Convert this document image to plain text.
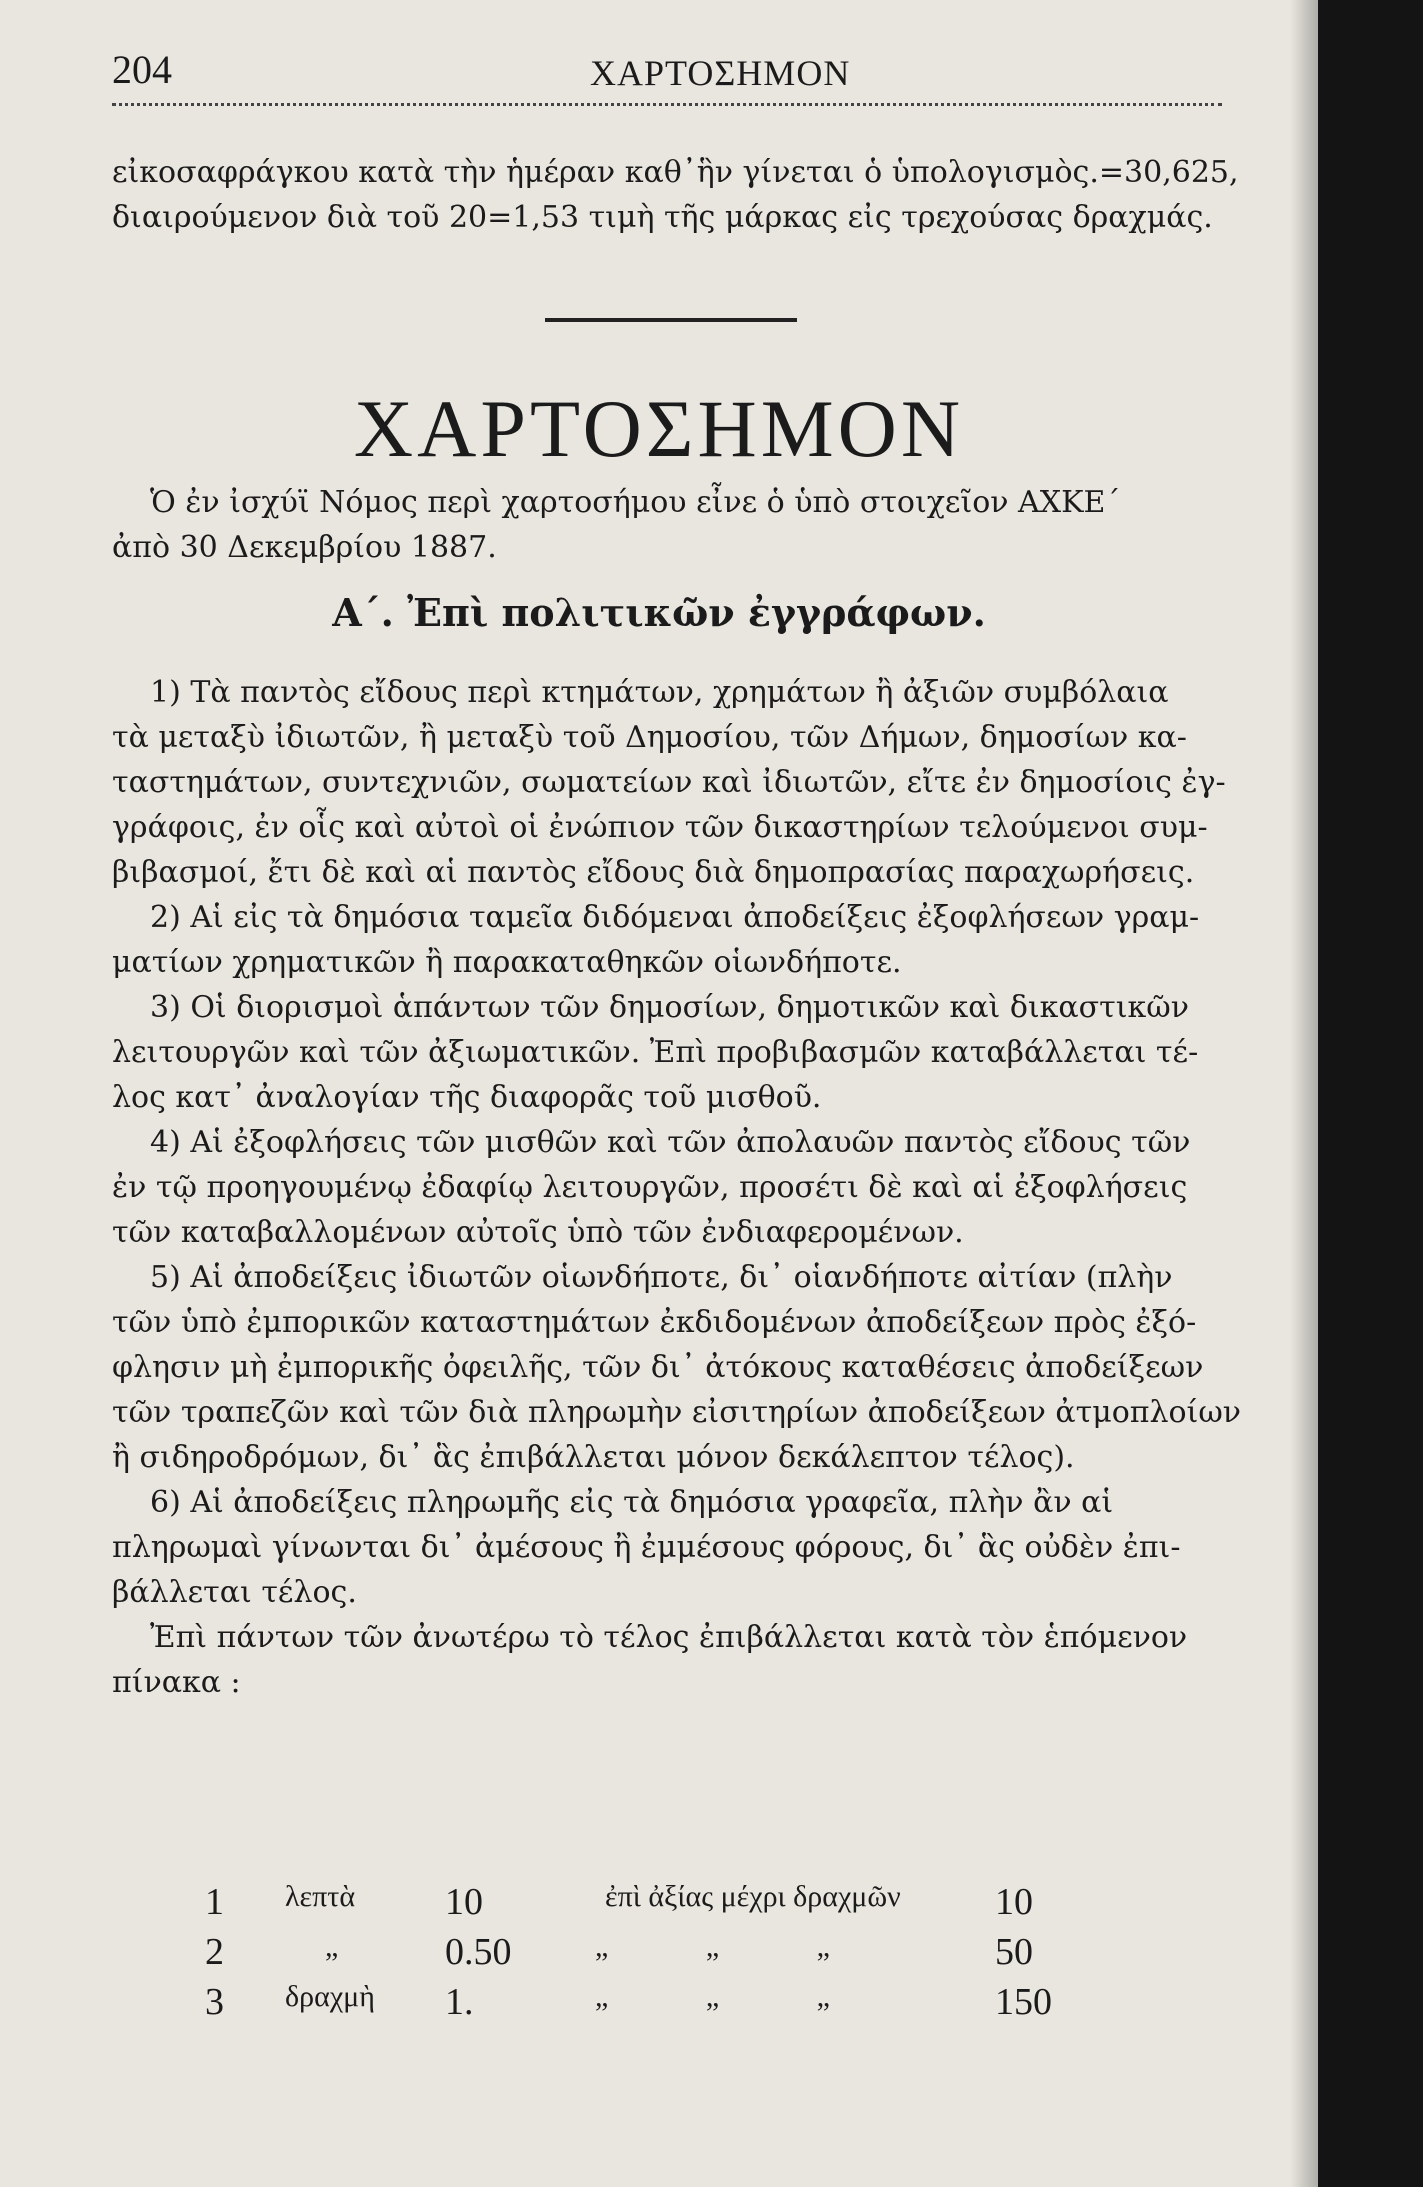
204	ΧΑΡΤΟΣΗΜΟΝ

εἰκοσαφράγκου κατὰ τὴν ἡμέραν καθ᾽ἣν γίνεται ὁ ὑπολογισμὸς.=30,625,
διαιρούμενον διὰ τοῦ 20=1,53 τιμὴ τῆς μάρκας εἰς τρεχούσας δραχμάς.

ΧΑΡΤΟΣΗΜΟΝ

Ὁ ἐν ἰσχύϊ Νόμος περὶ χαρτοσήμου εἶνε ὁ ὑπὸ στοιχεῖον ΑΧΚΕ΄
ἀπὸ 30 Δεκεμβρίου 1887.

Α΄. Ἐπὶ πολιτικῶν ἐγγράφων.

1) Τὰ παντὸς εἴδους περὶ κτημάτων, χρημάτων ἢ ἀξιῶν συμβόλαια
τὰ μεταξὺ ἰδιωτῶν, ἢ μεταξὺ τοῦ Δημοσίου, τῶν Δήμων, δημοσίων κα-
ταστημάτων, συντεχνιῶν, σωματείων καὶ ἰδιωτῶν, εἴτε ἐν δημοσίοις ἐγ-
γράφοις, ἐν οἷς καὶ αὐτοὶ οἱ ἐνώπιον τῶν δικαστηρίων τελούμενοι συμ-
βιβασμοί, ἔτι δὲ καὶ αἱ παντὸς εἴδους διὰ δημοπρασίας παραχωρήσεις.
2) Αἱ εἰς τὰ δημόσια ταμεῖα διδόμεναι ἀποδείξεις ἐξοφλήσεων γραμ-
ματίων χρηματικῶν ἢ παρακαταθηκῶν οἱωνδήποτε.
3) Οἱ διορισμοὶ ἁπάντων τῶν δημοσίων, δημοτικῶν καὶ δικαστικῶν
λειτουργῶν καὶ τῶν ἀξιωματικῶν. Ἐπὶ προβιβασμῶν καταβάλλεται τέ-
λος κατ᾽ ἀναλογίαν τῆς διαφορᾶς τοῦ μισθοῦ.
4) Αἱ ἐξοφλήσεις τῶν μισθῶν καὶ τῶν ἀπολαυῶν παντὸς εἴδους τῶν
ἐν τῷ προηγουμένῳ ἐδαφίῳ λειτουργῶν, προσέτι δὲ καὶ αἱ ἐξοφλήσεις
τῶν καταβαλλομένων αὐτοῖς ὑπὸ τῶν ἐνδιαφερομένων.
5) Αἱ ἀποδείξεις ἰδιωτῶν οἱωνδήποτε, δι᾽ οἱανδήποτε αἰτίαν (πλὴν
τῶν ὑπὸ ἐμπορικῶν καταστημάτων ἐκδιδομένων ἀποδείξεων πρὸς ἐξό-
φλησιν μὴ ἐμπορικῆς ὀφειλῆς, τῶν δι᾽ ἀτόκους καταθέσεις ἀποδείξεων
τῶν τραπεζῶν καὶ τῶν διὰ πληρωμὴν εἰσιτηρίων ἀποδείξεων ἀτμοπλοίων
ἢ σιδηροδρόμων, δι᾽ ἃς ἐπιβάλλεται μόνον δεκάλεπτον τέλος).
6) Αἱ ἀποδείξεις πληρωμῆς εἰς τὰ δημόσια γραφεῖα, πλὴν ἂν αἱ
πληρωμαὶ γίνωνται δι᾽ ἀμέσους ἢ ἐμμέσους φόρους, δι᾽ ἃς οὐδὲν ἐπι-
βάλλεται τέλος.
Ἐπὶ πάντων τῶν ἀνωτέρω τὸ τέλος ἐπιβάλλεται κατὰ τὸν ἑπόμενον
πίνακα :

1 λεπτὰ 10	ἐπὶ ἀξίας μέχρι δραχμῶν 10
2	„	0.50	„ „ „	50
3 δραχμὴ 1.	„ „ „	150
